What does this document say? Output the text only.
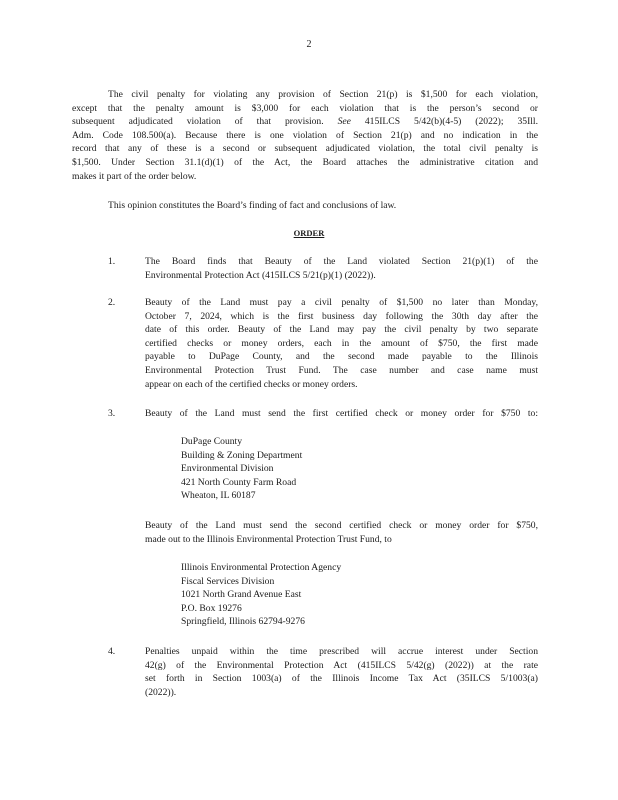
2
The civil penalty for violating any provision of Section 21(p) is $1,500 for each violation,
except that the penalty amount is $3,000 for each violation that is the person’s second or
subsequent adjudicated violation of that provision. See 415ILCS 5/42(b)(4-5) (2022); 35Ill.
Adm. Code 108.500(a). Because there is one violation of Section 21(p) and no indication in the
record that any of these is a second or subsequent adjudicated violation, the total civil penalty is
$1,500. Under Section 31.1(d)(1) of the Act, the Board attaches the administrative citation and
makes it part of the order below.
This opinion constitutes the Board’s finding of fact and conclusions of law.
ORDER
1.	The Board finds that Beauty of the Land violated Section 21(p)(1) of the
Environmental Protection Act (415ILCS 5/21(p)(1) (2022)).
2.	Beauty of the Land must pay a civil penalty of $1,500 no later than Monday,
October 7, 2024, which is the first business day following the 30th day after the
date of this order. Beauty of the Land may pay the civil penalty by two separate
certified checks or money orders, each in the amount of $750, the first made
payable to DuPage County, and the second made payable to the Illinois
Environmental Protection Trust Fund. The case number and case name must
appear on each of the certified checks or money orders.
3.	Beauty of the Land must send the first certified check or money order for $750 to:
DuPage County
Building & Zoning Department
Environmental Division
421 North County Farm Road
Wheaton, IL 60187
Beauty of the Land must send the second certified check or money order for $750,
made out to the Illinois Environmental Protection Trust Fund, to
Illinois Environmental Protection Agency
Fiscal Services Division
1021 North Grand Avenue East
P.O. Box 19276
Springfield, Illinois 62794-9276
4.	Penalties unpaid within the time prescribed will accrue interest under Section
42(g) of the Environmental Protection Act (415ILCS 5/42(g) (2022)) at the rate
set forth in Section 1003(a) of the Illinois Income Tax Act (35ILCS 5/1003(a)
(2022)).
